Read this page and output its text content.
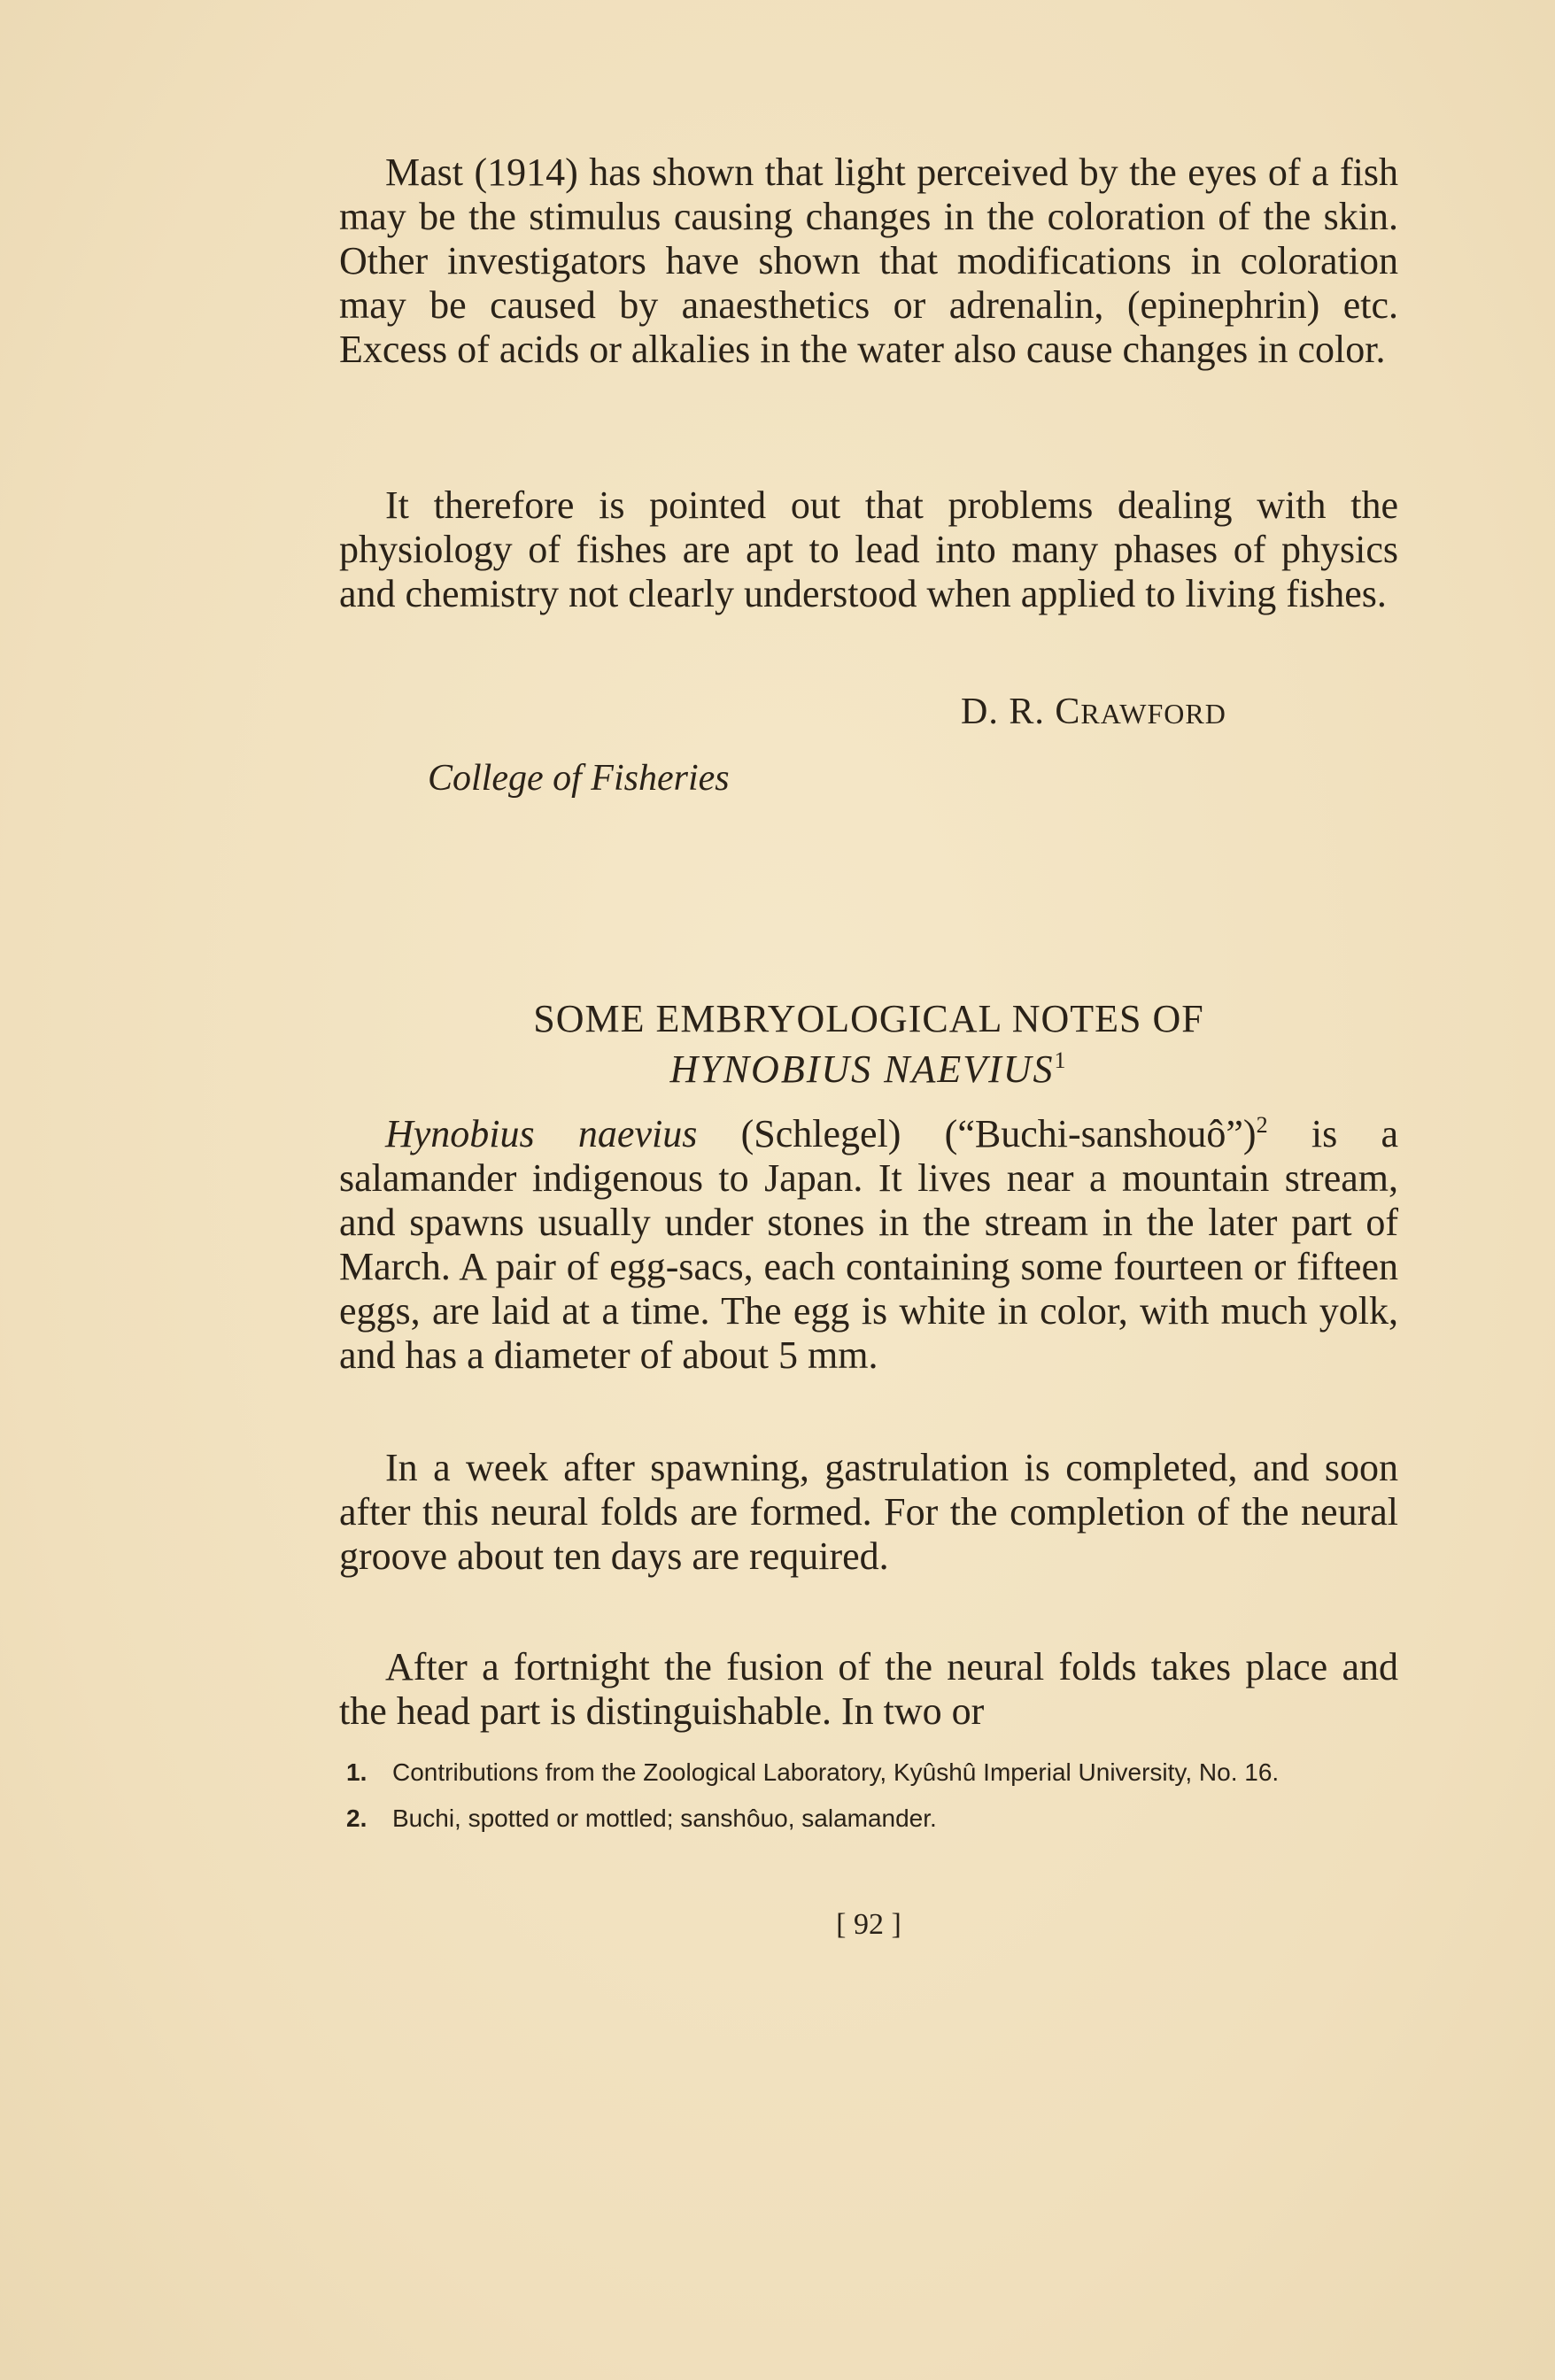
Mast (1914) has shown that light perceived by the eyes of a fish may be the stimulus causing changes in the coloration of the skin. Other investigators have shown that modifications in coloration may be caused by anaesthetics or adrenalin, (epinephrin) etc. Excess of acids or alkalies in the water also cause changes in color.

It therefore is pointed out that problems dealing with the physiology of fishes are apt to lead into many phases of physics and chemistry not clearly understood when applied to living fishes.

D. R. CRAWFORD
College of Fisheries
SOME EMBRYOLOGICAL NOTES OF
HYNOBIUS NAEVIUS$^1$

Hynobius naevius (Schlegel) (“Buchi-sanshouô”)$^2$ is a salamander indigenous to Japan. It lives near a mountain stream, and spawns usually under stones in the stream in the later part of March. A pair of egg-sacs, each containing some fourteen or fifteen eggs, are laid at a time. The egg is white in color, with much yolk, and has a diameter of about 5 mm.

In a week after spawning, gastrulation is completed, and soon after this neural folds are formed. For the completion of the neural groove about ten days are required.

After a fortnight the fusion of the neural folds takes place and the head part is distinguishable. In two or

1. Contributions from the Zoological Laboratory, Kyûshû Imperial University, No. 16.
2. Buchi, spotted or mottled; sanshôuo, salamander.
[ 92 ]
